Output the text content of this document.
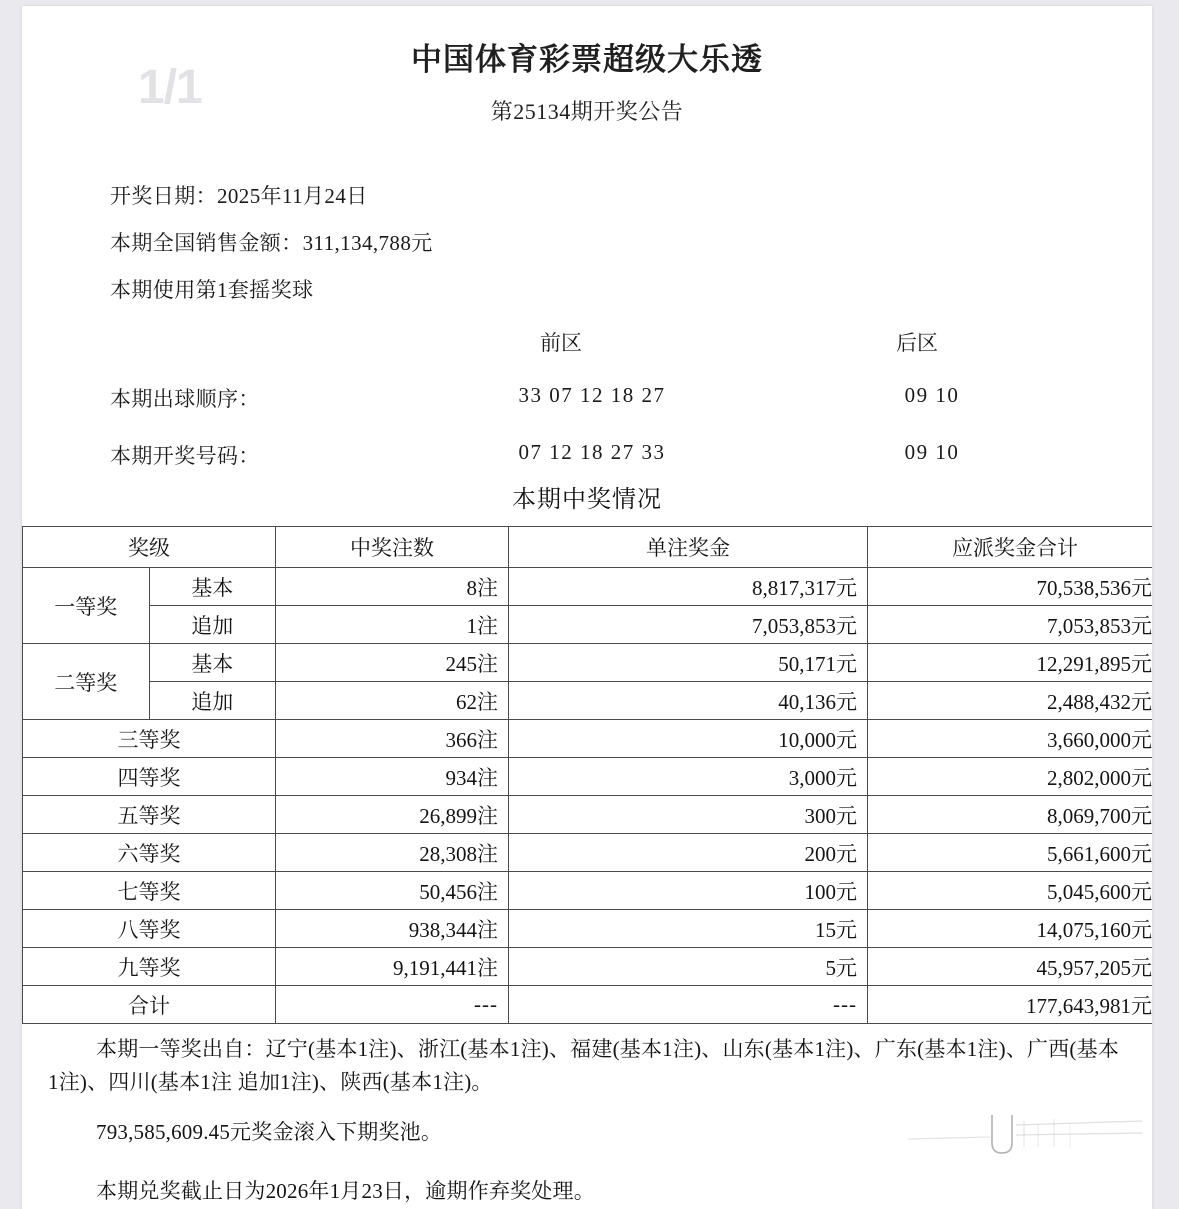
1/1
中国体育彩票超级大乐透
第25134期开奖公告
开奖日期：2025年11月24日
本期全国销售金额：311,134,788元
本期使用第1套摇奖球
前区	后区
本期出球顺序：	33 07 12 18 27	09 10
本期开奖号码：	07 12 18 27 33	09 10
本期中奖情况
奖级		中奖注数	单注奖金	应派奖金合计
一等奖	基本	8注	8,817,317元	70,538,536元
	追加	1注	7,053,853元	7,053,853元
二等奖	基本	245注	50,171元	12,291,895元
	追加	62注	40,136元	2,488,432元
三等奖		366注	10,000元	3,660,000元
四等奖		934注	3,000元	2,802,000元
五等奖		26,899注	300元	8,069,700元
六等奖		28,308注	200元	5,661,600元
七等奖		50,456注	100元	5,045,600元
八等奖		938,344注	15元	14,075,160元
九等奖		9,191,441注	5元	45,957,205元
合计		---	---	177,643,981元

本期一等奖出自：辽宁(基本1注)、浙江(基本1注)、福建(基本1注)、山东(基本1注)、广东(基本1注)、广西(基本1注)、四川(基本1注 追加1注)、陕西(基本1注)。

793,585,609.45元奖金滚入下期奖池。

本期兑奖截止日为2026年1月23日，逾期作弃奖处理。
